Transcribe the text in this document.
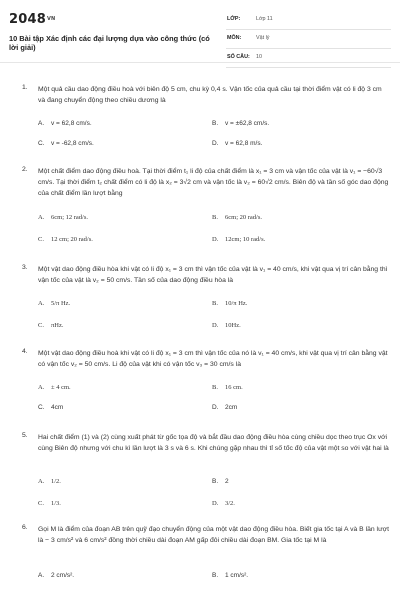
$2048^{VN}$
10 Bài tập Xác định các đại lượng dựa vào công thức (có lời giải)
LỚP:	Lớp 11
MÔN:	Vật lý
SỐ CÂU: 10
1. Một quả cầu dao động điều hoà với biên độ 5 cm, chu kỳ 0,4 s. Vận tốc của quả cầu tại thời điểm vật có li độ 3 cm và đang chuyển động theo chiều dương là
A. v = 62,8 cm/s.	B. v = ±62,8 cm/s.
C. v = -62,8 cm/s.	D. v = 62,8 m/s.
2. Một chất điểm dao động điều hoà. Tại thời điểm t₁ li độ của chất điểm là x₁ = 3 cm và vận tốc của vật là v₁ = −60√3 cm/s. Tại thời điểm t₂ chất điểm có li độ là x₂ = 3√2 cm và vận tốc là v₂ = 60√2 cm/s. Biên độ và tần số góc dao động của chất điểm lần lượt bằng
A. 6cm; 12 rad/s.	B. 6cm; 20 rad/s.
C. 12 cm; 20 rad/s.	D. 12cm; 10 rad/s.
3. Một vật dao động điều hòa khi vật có li độ x₁ = 3 cm thì vận tốc của vật là v₁ = 40 cm/s, khi vật qua vị trí cân bằng thì vận tốc của vật là v₂ = 50 cm/s. Tần số của dao động điều hòa là
A. 5/π Hz.	B. 10/π Hz.
C. πHz.	D. 10Hz.
4. Một vật dao động điều hoà khi vật có li độ x₁ = 3 cm thì vận tốc của nó là v₁ = 40 cm/s, khi vật qua vị trí cân bằng vật có vận tốc v₂ = 50 cm/s. Li độ của vật khi có vận tốc v₃ = 30 cm/s là
A. ± 4 cm.	B. 16 cm.
C. 4cm	D. 2cm
5. Hai chất điểm (1) và (2) cùng xuất phát từ gốc tọa độ và bắt đầu dao động điều hòa cùng chiều dọc theo trục Ox với cùng Biên độ nhưng với chu kì lần lượt là 3 s và 6 s. Khi chúng gặp nhau thì tỉ số tốc độ của vật một so với vật hai là
A. 1/2.	B. 2
C. 1/3.	D. 3/2.
6. Gọi M là điểm của đoạn AB trên quỹ đạo chuyển động của một vật dao động điều hòa. Biết gia tốc tại A và B lần lượt là − 3 cm/s² và 6 cm/s² đồng thời chiều dài đoạn AM gấp đôi chiều dài đoạn BM. Gia tốc tại M là
A. 2 cm/s².	B. 1 cm/s².
